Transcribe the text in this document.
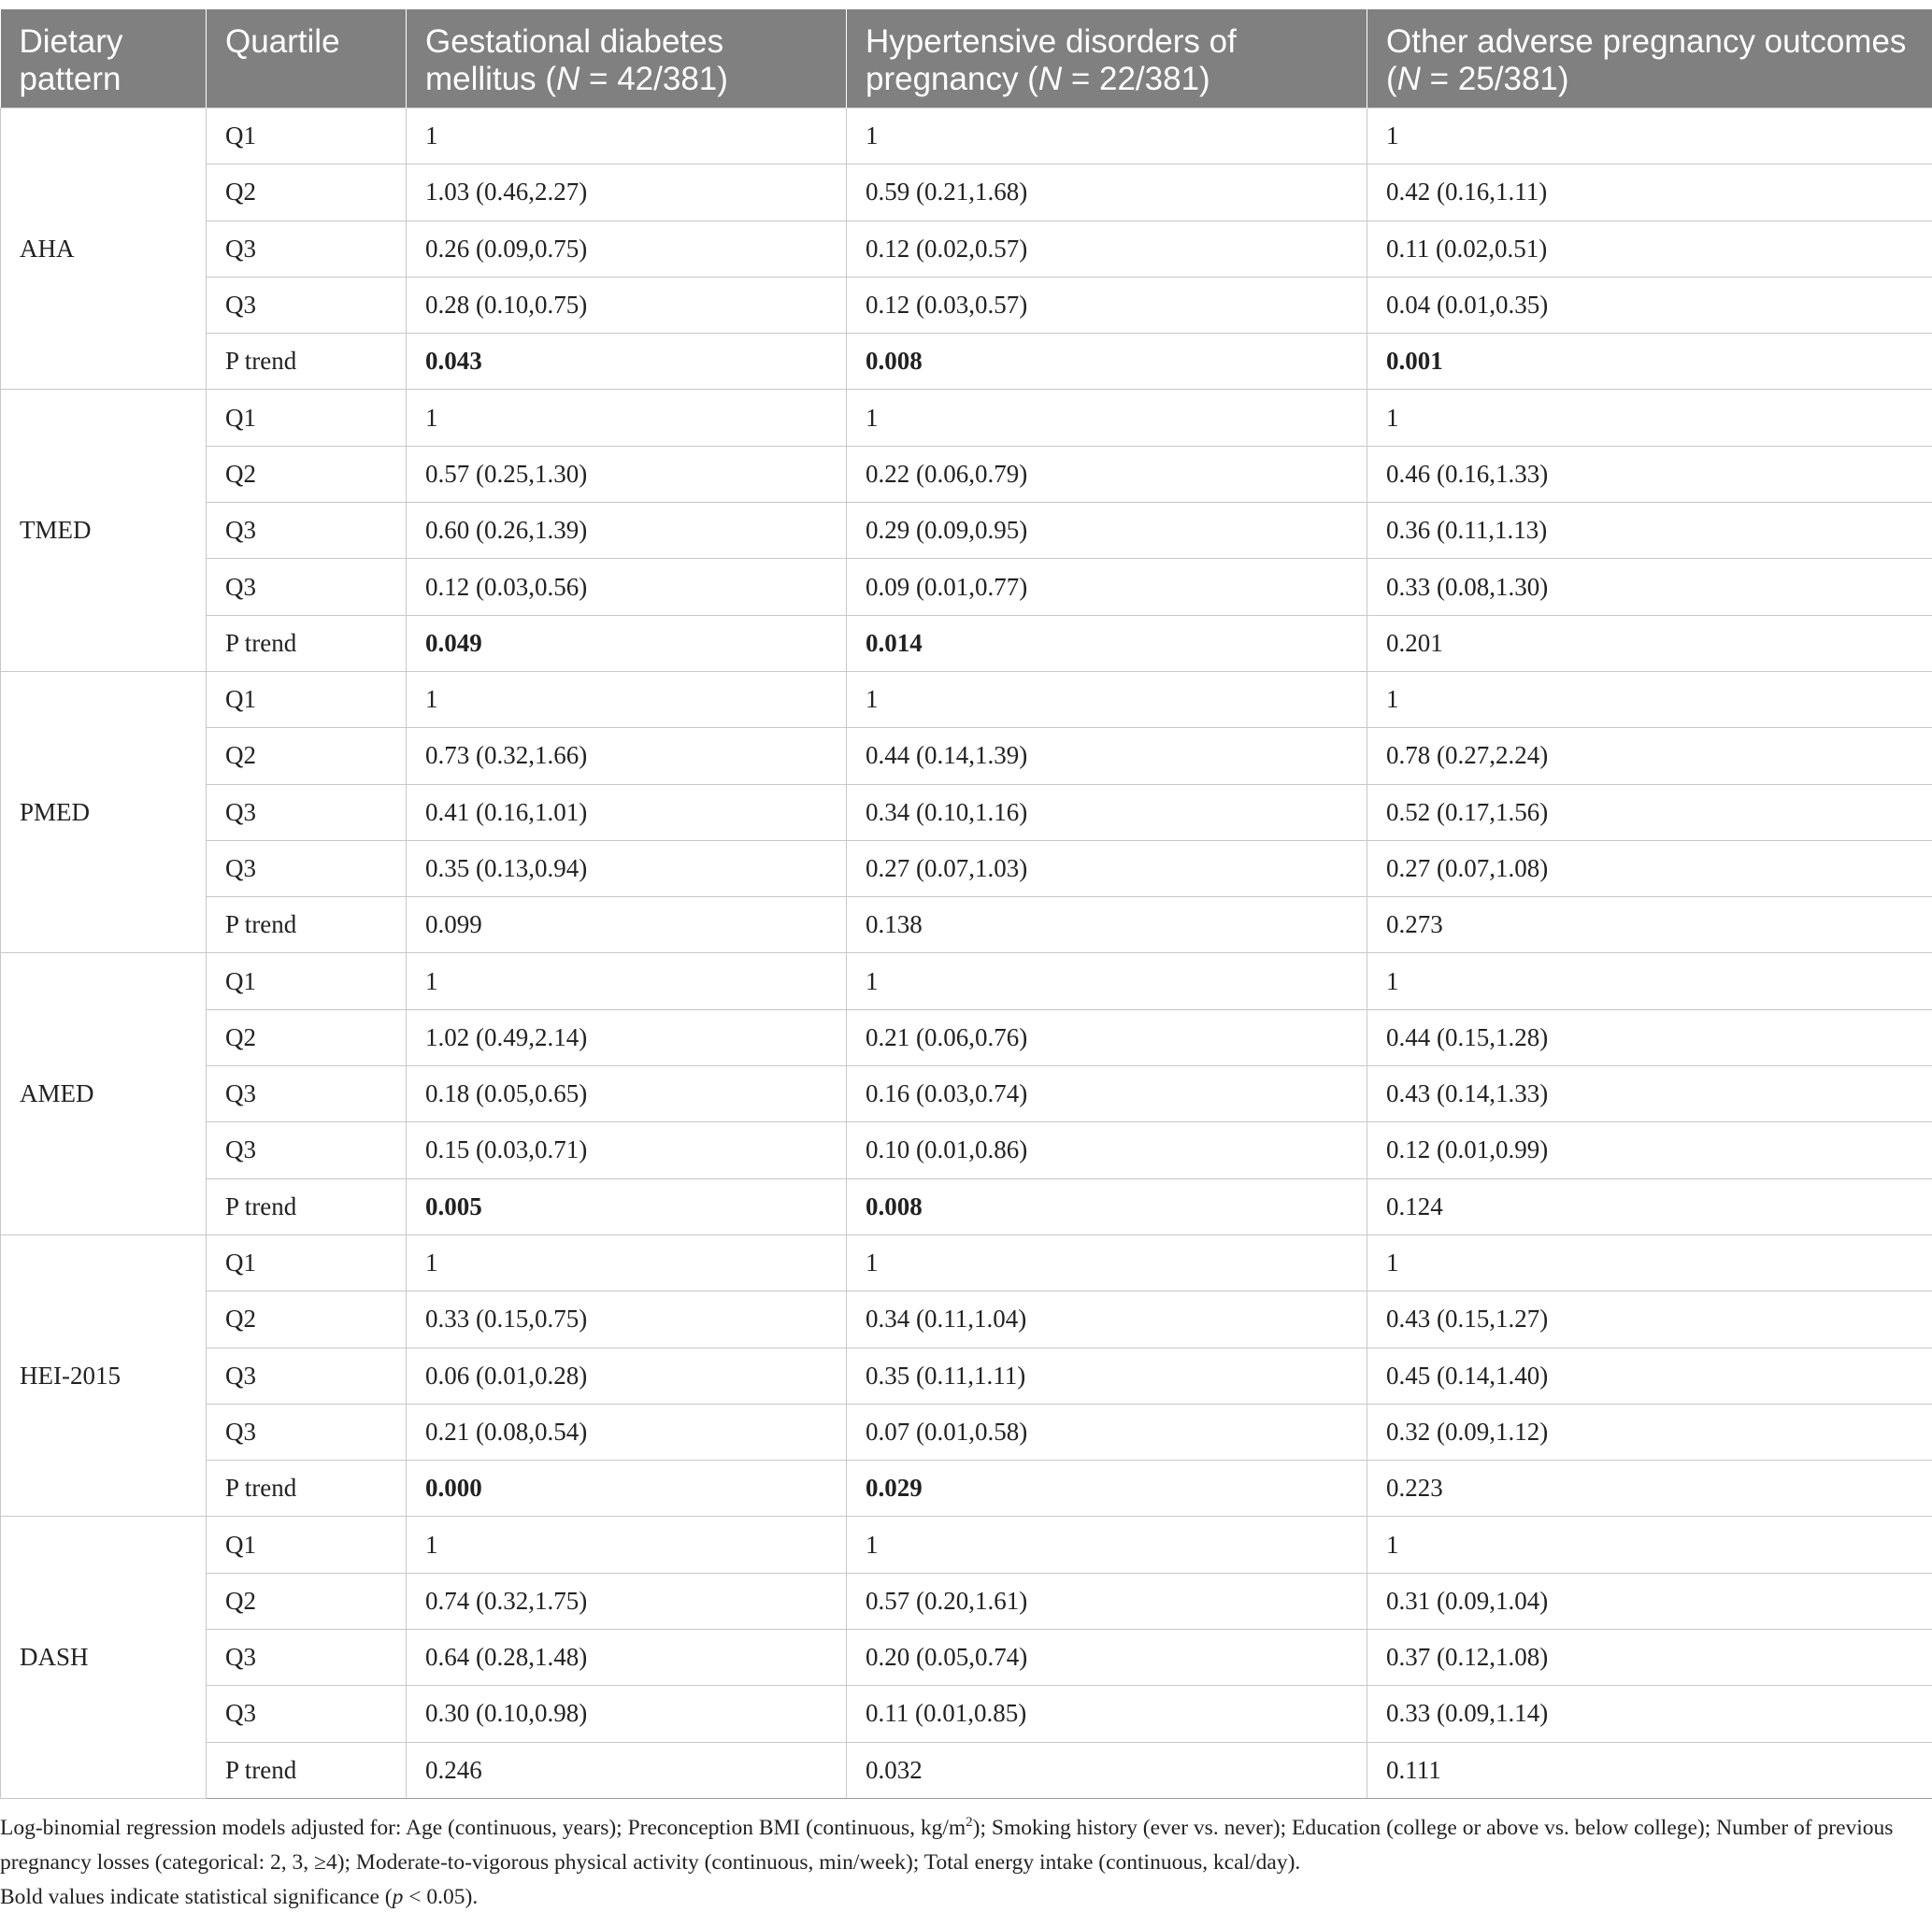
Dietary pattern	Quartile	Gestational diabetes mellitus (N = 42/381)	Hypertensive disorders of pregnancy (N = 22/381)	Other adverse pregnancy outcomes (N = 25/381)
AHA	Q1	1	1	1
	Q2	1.03 (0.46,2.27)	0.59 (0.21,1.68)	0.42 (0.16,1.11)
	Q3	0.26 (0.09,0.75)	0.12 (0.02,0.57)	0.11 (0.02,0.51)
	Q3	0.28 (0.10,0.75)	0.12 (0.03,0.57)	0.04 (0.01,0.35)
	P trend	0.043	0.008	0.001
TMED	Q1	1	1	1
	Q2	0.57 (0.25,1.30)	0.22 (0.06,0.79)	0.46 (0.16,1.33)
	Q3	0.60 (0.26,1.39)	0.29 (0.09,0.95)	0.36 (0.11,1.13)
	Q3	0.12 (0.03,0.56)	0.09 (0.01,0.77)	0.33 (0.08,1.30)
	P trend	0.049	0.014	0.201
PMED	Q1	1	1	1
	Q2	0.73 (0.32,1.66)	0.44 (0.14,1.39)	0.78 (0.27,2.24)
	Q3	0.41 (0.16,1.01)	0.34 (0.10,1.16)	0.52 (0.17,1.56)
	Q3	0.35 (0.13,0.94)	0.27 (0.07,1.03)	0.27 (0.07,1.08)
	P trend	0.099	0.138	0.273
AMED	Q1	1	1	1
	Q2	1.02 (0.49,2.14)	0.21 (0.06,0.76)	0.44 (0.15,1.28)
	Q3	0.18 (0.05,0.65)	0.16 (0.03,0.74)	0.43 (0.14,1.33)
	Q3	0.15 (0.03,0.71)	0.10 (0.01,0.86)	0.12 (0.01,0.99)
	P trend	0.005	0.008	0.124
HEI-2015	Q1	1	1	1
	Q2	0.33 (0.15,0.75)	0.34 (0.11,1.04)	0.43 (0.15,1.27)
	Q3	0.06 (0.01,0.28)	0.35 (0.11,1.11)	0.45 (0.14,1.40)
	Q3	0.21 (0.08,0.54)	0.07 (0.01,0.58)	0.32 (0.09,1.12)
	P trend	0.000	0.029	0.223
DASH	Q1	1	1	1
	Q2	0.74 (0.32,1.75)	0.57 (0.20,1.61)	0.31 (0.09,1.04)
	Q3	0.64 (0.28,1.48)	0.20 (0.05,0.74)	0.37 (0.12,1.08)
	Q3	0.30 (0.10,0.98)	0.11 (0.01,0.85)	0.33 (0.09,1.14)
	P trend	0.246	0.032	0.111

Log-binomial regression models adjusted for: Age (continuous, years); Preconception BMI (continuous, $kg/m^2$); Smoking history (ever vs. never); Education (college or above vs. below college); Number of previous pregnancy losses (categorical: 2, 3, ≥4); Moderate-to-vigorous physical activity (continuous, min/week); Total energy intake (continuous, kcal/day).

Bold values indicate statistical significance (p < 0.05).
